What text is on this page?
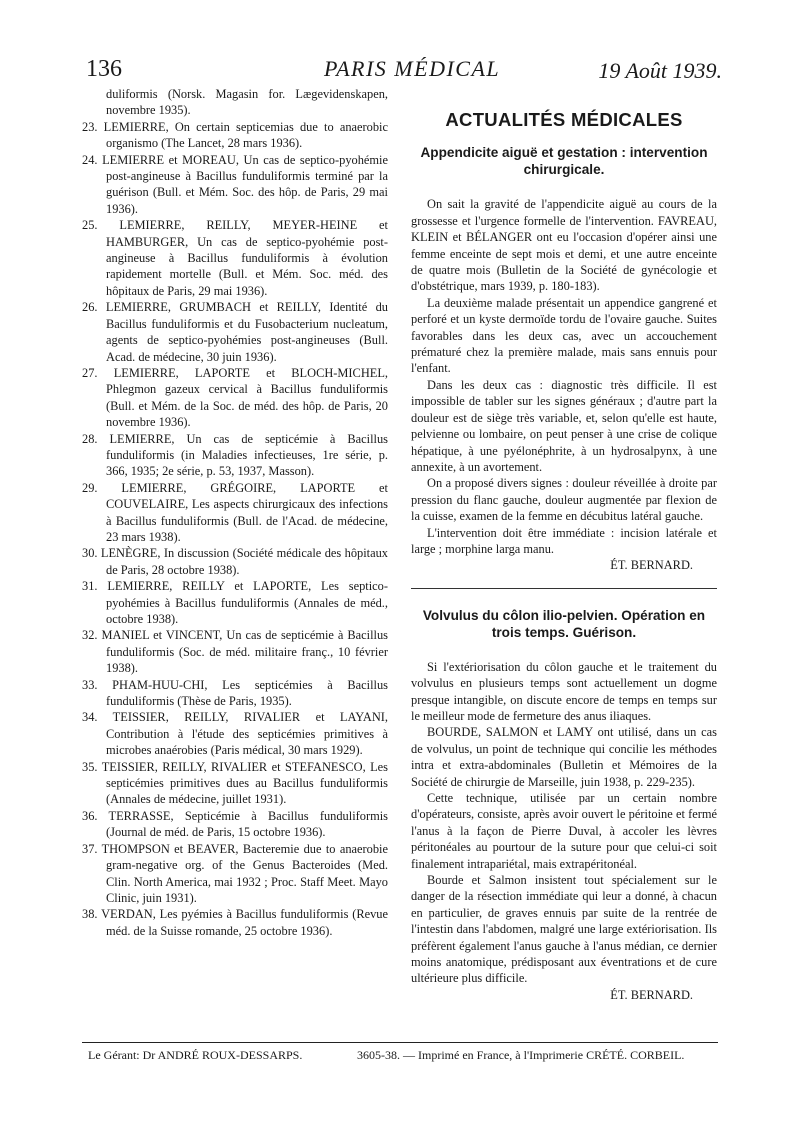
136	PARIS MÉDICAL	19 Août 1939.

duliformis (Norsk. Magasin for. Lægevidenskapen, novembre 1935).

23. LEMIERRE, On certain septicemias due to anaerobic organismo (The Lancet, 28 mars 1936).

24. LEMIERRE et MOREAU, Un cas de septico-pyohémie post-angineuse à Bacillus funduliformis terminé par la guérison (Bull. et Mém. Soc. des hôp. de Paris, 29 mai 1936).

25. LEMIERRE, REILLY, MEYER-HEINE et HAMBURGER, Un cas de septico-pyohémie post-angineuse à Bacillus funduliformis à évolution rapidement mortelle (Bull. et Mém. Soc. méd. des hôpitaux de Paris, 29 mai 1936).

26. LEMIERRE, GRUMBACH et REILLY, Identité du Bacillus funduliformis et du Fusobacterium nucleatum, agents de septico-pyohémies post-angineuses (Bull. Acad. de médecine, 30 juin 1936).

27. LEMIERRE, LAPORTE et BLOCH-MICHEL, Phlegmon gazeux cervical à Bacillus funduliformis (Bull. et Mém. de la Soc. de méd. des hôp. de Paris, 20 novembre 1936).

28. LEMIERRE, Un cas de septicémie à Bacillus funduliformis (in Maladies infectieuses, 1re série, p. 366, 1935; 2e série, p. 53, 1937, Masson).

29. LEMIERRE, GRÉGOIRE, LAPORTE et COUVELAIRE, Les aspects chirurgicaux des infections à Bacillus funduliformis (Bull. de l'Acad. de médecine, 23 mars 1938).

30. LENÈGRE, In discussion (Société médicale des hôpitaux de Paris, 28 octobre 1938).

31. LEMIERRE, REILLY et LAPORTE, Les septico-pyohémies à Bacillus funduliformis (Annales de méd., octobre 1938).

32. MANIEL et VINCENT, Un cas de septicémie à Bacillus funduliformis (Soc. de méd. militaire franç., 10 février 1938).

33. PHAM-HUU-CHI, Les septicémies à Bacillus funduliformis (Thèse de Paris, 1935).

34. TEISSIER, REILLY, RIVALIER et LAYANI, Contribution à l'étude des septicémies primitives à microbes anaérobies (Paris médical, 30 mars 1929).

35. TEISSIER, REILLY, RIVALIER et STEFANESCO, Les septicémies primitives dues au Bacillus funduliformis (Annales de médecine, juillet 1931).

36. TERRASSE, Septicémie à Bacillus funduliformis (Journal de méd. de Paris, 15 octobre 1936).

37. THOMPSON et BEAVER, Bacteremie due to anaerobie gram-negative org. of the Genus Bacteroides (Med. Clin. North America, mai 1932 ; Proc. Staff Meet. Mayo Clinic, juin 1931).

38. VERDAN, Les pyémies à Bacillus funduliformis (Revue méd. de la Suisse romande, 25 octobre 1936).

ACTUALITÉS MÉDICALES
Appendicite aiguë et gestation : intervention chirurgicale.

On sait la gravité de l'appendicite aiguë au cours de la grossesse et l'urgence formelle de l'intervention. FAVREAU, KLEIN et BÉLANGER ont eu l'occasion d'opérer ainsi une femme enceinte de sept mois et demi, et une autre enceinte de quatre mois (Bulletin de la Société de gynécologie et d'obstétrique, mars 1939, p. 180-183).

La deuxième malade présentait un appendice gangrené et perforé et un kyste dermoïde tordu de l'ovaire gauche. Suites favorables dans les deux cas, avec un accouchement prématuré chez la première malade, mais sans ennuis pour l'enfant.

Dans les deux cas : diagnostic très difficile. Il est impossible de tabler sur les signes généraux ; d'autre part la douleur est de siège très variable, et, selon qu'elle est haute, pelvienne ou lombaire, on peut penser à une crise de colique hépatique, à une pyélonéphrite, à un hydrosalpynx, à une annexite, à un avortement.

On a proposé divers signes : douleur réveillée à droite par pression du flanc gauche, douleur augmentée par flexion de la cuisse, examen de la femme en décubitus latéral gauche.

L'intervention doit être immédiate : incision latérale et large ; morphine larga manu.

ÉT. BERNARD.

Volvulus du côlon ilio-pelvien. Opération en trois temps. Guérison.

Si l'extériorisation du côlon gauche et le traitement du volvulus en plusieurs temps sont actuellement un dogme presque intangible, on discute encore de temps en temps sur le meilleur mode de fermeture des anus iliaques.

BOURDE, SALMON et LAMY ont utilisé, dans un cas de volvulus, un point de technique qui concilie les méthodes intra et extra-abdominales (Bulletin et Mémoires de la Société de chirurgie de Marseille, juin 1938, p. 229-235).

Cette technique, utilisée par un certain nombre d'opérateurs, consiste, après avoir ouvert le péritoine et fermé l'anus à la façon de Pierre Duval, à accoler les lèvres péritonéales au pourtour de la suture pour que celui-ci soit finalement intrapariétal, mais extrapéritonéal.

Bourde et Salmon insistent tout spécialement sur le danger de la résection immédiate qui leur a donné, à chacun en particulier, de graves ennuis par suite de la rentrée de l'intestin dans l'abdomen, malgré une large extériorisation. Ils préfèrent également l'anus gauche à l'anus médian, ce dernier moins anatomique, prédisposant aux éventrations et de cure ultérieure plus difficile.

ÉT. BERNARD.

Le Gérant: Dr ANDRÉ ROUX-DESSARPS.	3605-38. — Imprimé en France, à l'Imprimerie CRÉTÉ. CORBEIL.
